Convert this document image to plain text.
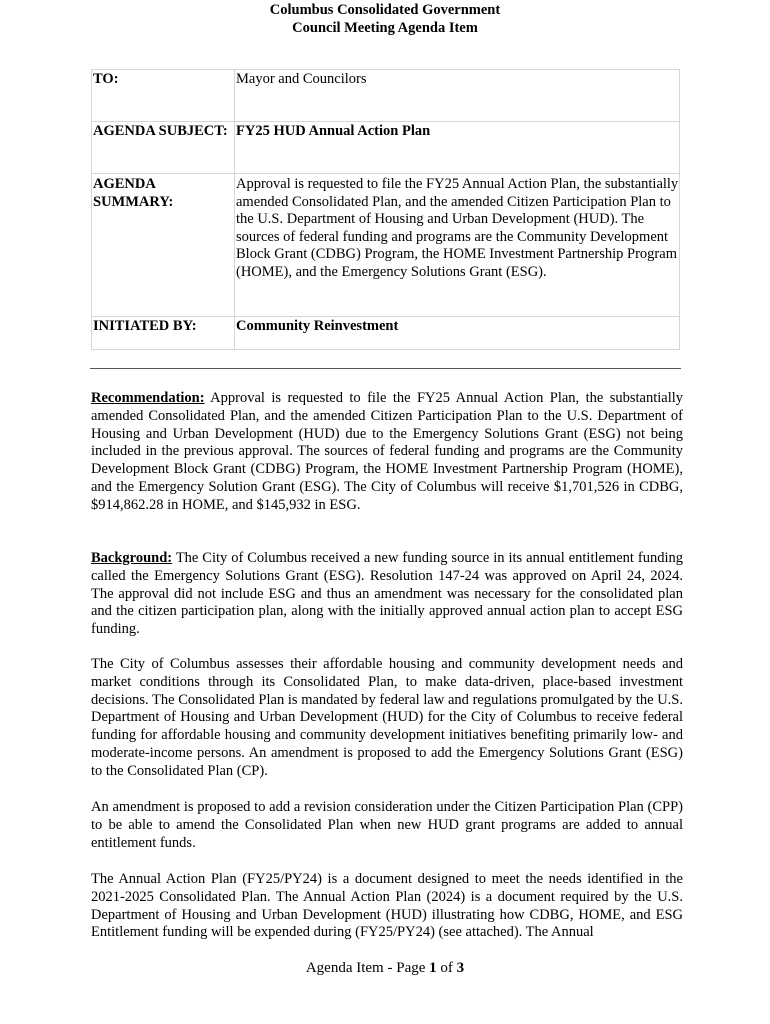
Columbus Consolidated Government
Council Meeting Agenda Item
TO:	Mayor and Councilors

AGENDA SUBJECT:	FY25 HUD Annual Action Plan

AGENDA SUMMARY:	Approval is requested to file the FY25 Annual Action Plan, the substantially amended Consolidated Plan, and the amended Citizen Participation Plan to the U.S. Department of Housing and Urban Development (HUD). The sources of federal funding and programs are the Community Development Block Grant (CDBG) Program, the HOME Investment Partnership Program (HOME), and the Emergency Solutions Grant (ESG).

INITIATED BY:	Community Reinvestment
Recommendation: Approval is requested to file the FY25 Annual Action Plan, the substantially amended Consolidated Plan, and the amended Citizen Participation Plan to the U.S. Department of Housing and Urban Development (HUD) due to the Emergency Solutions Grant (ESG) not being included in the previous approval. The sources of federal funding and programs are the Community Development Block Grant (CDBG) Program, the HOME Investment Partnership Program (HOME), and the Emergency Solution Grant (ESG). The City of Columbus will receive $1,701,526 in CDBG, $914,862.28 in HOME, and $145,932 in ESG.
Background: The City of Columbus received a new funding source in its annual entitlement funding called the Emergency Solutions Grant (ESG). Resolution 147-24 was approved on April 24, 2024. The approval did not include ESG and thus an amendment was necessary for the consolidated plan and the citizen participation plan, along with the initially approved annual action plan to accept ESG funding.
The City of Columbus assesses their affordable housing and community development needs and market conditions through its Consolidated Plan, to make data-driven, place-based investment decisions. The Consolidated Plan is mandated by federal law and regulations promulgated by the U.S. Department of Housing and Urban Development (HUD) for the City of Columbus to receive federal funding for affordable housing and community development initiatives benefiting primarily low- and moderate-income persons. An amendment is proposed to add the Emergency Solutions Grant (ESG) to the Consolidated Plan (CP).
An amendment is proposed to add a revision consideration under the Citizen Participation Plan (CPP) to be able to amend the Consolidated Plan when new HUD grant programs are added to annual entitlement funds.
The Annual Action Plan (FY25/PY24) is a document designed to meet the needs identified in the 2021-2025 Consolidated Plan. The Annual Action Plan (2024) is a document required by the U.S. Department of Housing and Urban Development (HUD) illustrating how CDBG, HOME, and ESG Entitlement funding will be expended during (FY25/PY24) (see attached). The Annual
Agenda Item - Page 1 of 3
